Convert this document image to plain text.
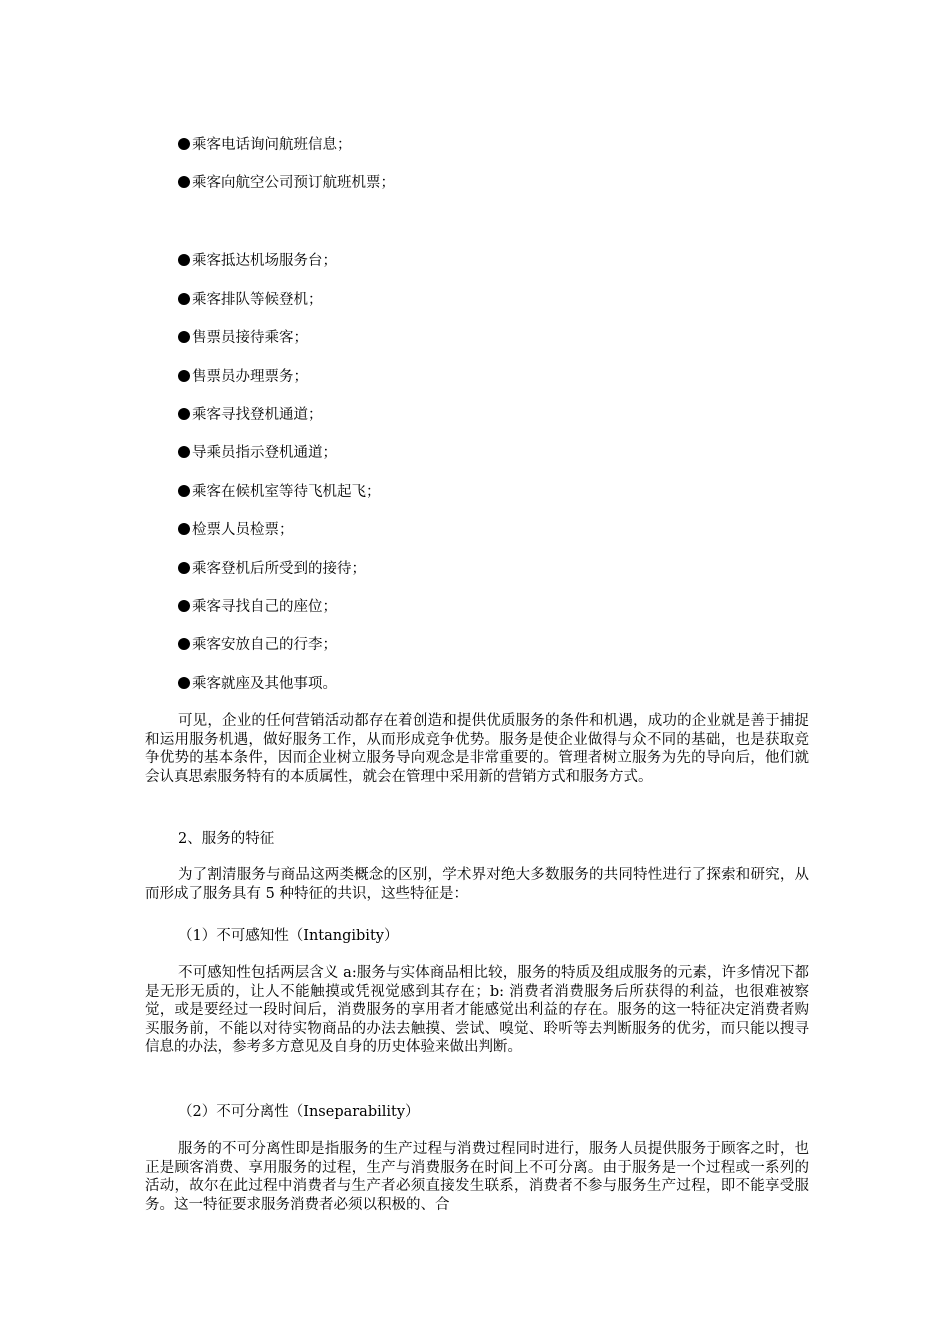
乘客电话询问航班信息；
乘客向航空公司预订航班机票；
乘客抵达机场服务台；
乘客排队等候登机；
售票员接待乘客；
售票员办理票务；
乘客寻找登机通道；
导乘员指示登机通道；
乘客在候机室等待飞机起飞；
检票人员检票；
乘客登机后所受到的接待；
乘客寻找自己的座位；
乘客安放自己的行李；
乘客就座及其他事项。

可见，企业的任何营销活动都存在着创造和提供优质服务的条件和机遇，成功的企业就是善于捕捉和运用服务机遇，做好服务工作，从而形成竞争优势。服务是使企业做得与众不同的基础，也是获取竞争优势的基本条件，因而企业树立服务导向观念是非常重要的。管理者树立服务为先的导向后，他们就会认真思索服务特有的本质属性，就会在管理中采用新的营销方式和服务方式。

2、服务的特征

为了割清服务与商品这两类概念的区别，学术界对绝大多数服务的共同特性进行了探索和研究，从而形成了服务具有 5 种特征的共识，这些特征是：

（1）不可感知性（Intangibity）

不可感知性包括两层含义 a:服务与实体商品相比较，服务的特质及组成服务的元素，许多情况下都是无形无质的，让人不能触摸或凭视觉感到其存在；b: 消费者消费服务后所获得的利益，也很难被察觉，或是要经过一段时间后，消费服务的享用者才能感觉出利益的存在。服务的这一特征决定消费者购买服务前，不能以对待实物商品的办法去触摸、尝试、嗅觉、聆听等去判断服务的优劣，而只能以搜寻信息的办法，参考多方意见及自身的历史体验来做出判断。

（2）不可分离性（Inseparability）

服务的不可分离性即是指服务的生产过程与消费过程同时进行，服务人员提供服务于顾客之时，也正是顾客消费、享用服务的过程，生产与消费服务在时间上不可分离。由于服务是一个过程或一系列的活动，故尔在此过程中消费者与生产者必须直接发生联系，消费者不参与服务生产过程，即不能享受服务。这一特征要求服务消费者必须以积极的、合
